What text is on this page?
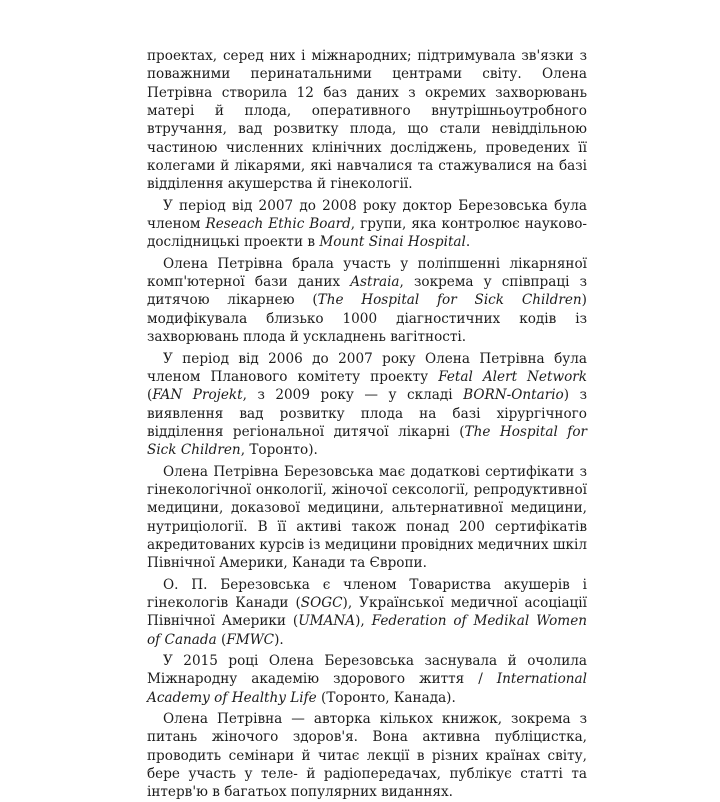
проектах, серед них і міжнародних; підтримувала зв'язки з поважними перинатальними центрами світу. Олена Петрівна створила 12 баз даних з окремих захворювань матері й плода, оперативного внутрішньоутробного втручання, вад розвитку плода, що стали невіддільною частиною численних клінічних досліджень, проведених її колегами й лікарями, які навчалися та стажувалися на базі відділення акушерства й гінекології.

У період від 2007 до 2008 року доктор Березовська була членом Reseach Ethic Board, групи, яка контролює науково-дослідницькі проекти в Mount Sinai Hospital.

Олена Петрівна брала участь у поліпшенні лікарняної комп'ютерної бази даних Astraia, зокрема у співпраці з дитячою лікарнею (The Hospital for Sick Children) модифікувала близько 1000 діагностичних кодів із захворювань плода й ускладнень вагітності.

У період від 2006 до 2007 року Олена Петрівна була членом Планового комітету проекту Fetal Alert Network (FAN Projekt, з 2009 року — у складі BORN-Ontario) з виявлення вад розвитку плода на базі хірургічного відділення регіональної дитячої лікарні (The Hospital for Sick Children, Торонто).

Олена Петрівна Березовська має додаткові сертифікати з гінекологічної онкології, жіночої сексології, репродуктивної медицини, доказової медицини, альтернативної медицини, нутриціології. В її активі також понад 200 сертифікатів акредитованих курсів із медицини провідних медичних шкіл Північної Америки, Канади та Європи.

О. П. Березовська є членом Товариства акушерів і гінекологів Канади (SOGC), Української медичної асоціації Північної Америки (UMANA), Federation of Medikal Women of Canada (FMWC).

У 2015 році Олена Березовська заснувала й очолила Міжнародну академію здорового життя / International Academy of Healthy Life (Торонто, Канада).

Олена Петрівна — авторка кількох книжок, зокрема з питань жіночого здоров'я. Вона активна публіцистка, проводить семінари й читає лекції в різних країнах світу, бере участь у теле- й радіопередачах, публікує статті та інтерв'ю в багатьох популярних виданнях.
